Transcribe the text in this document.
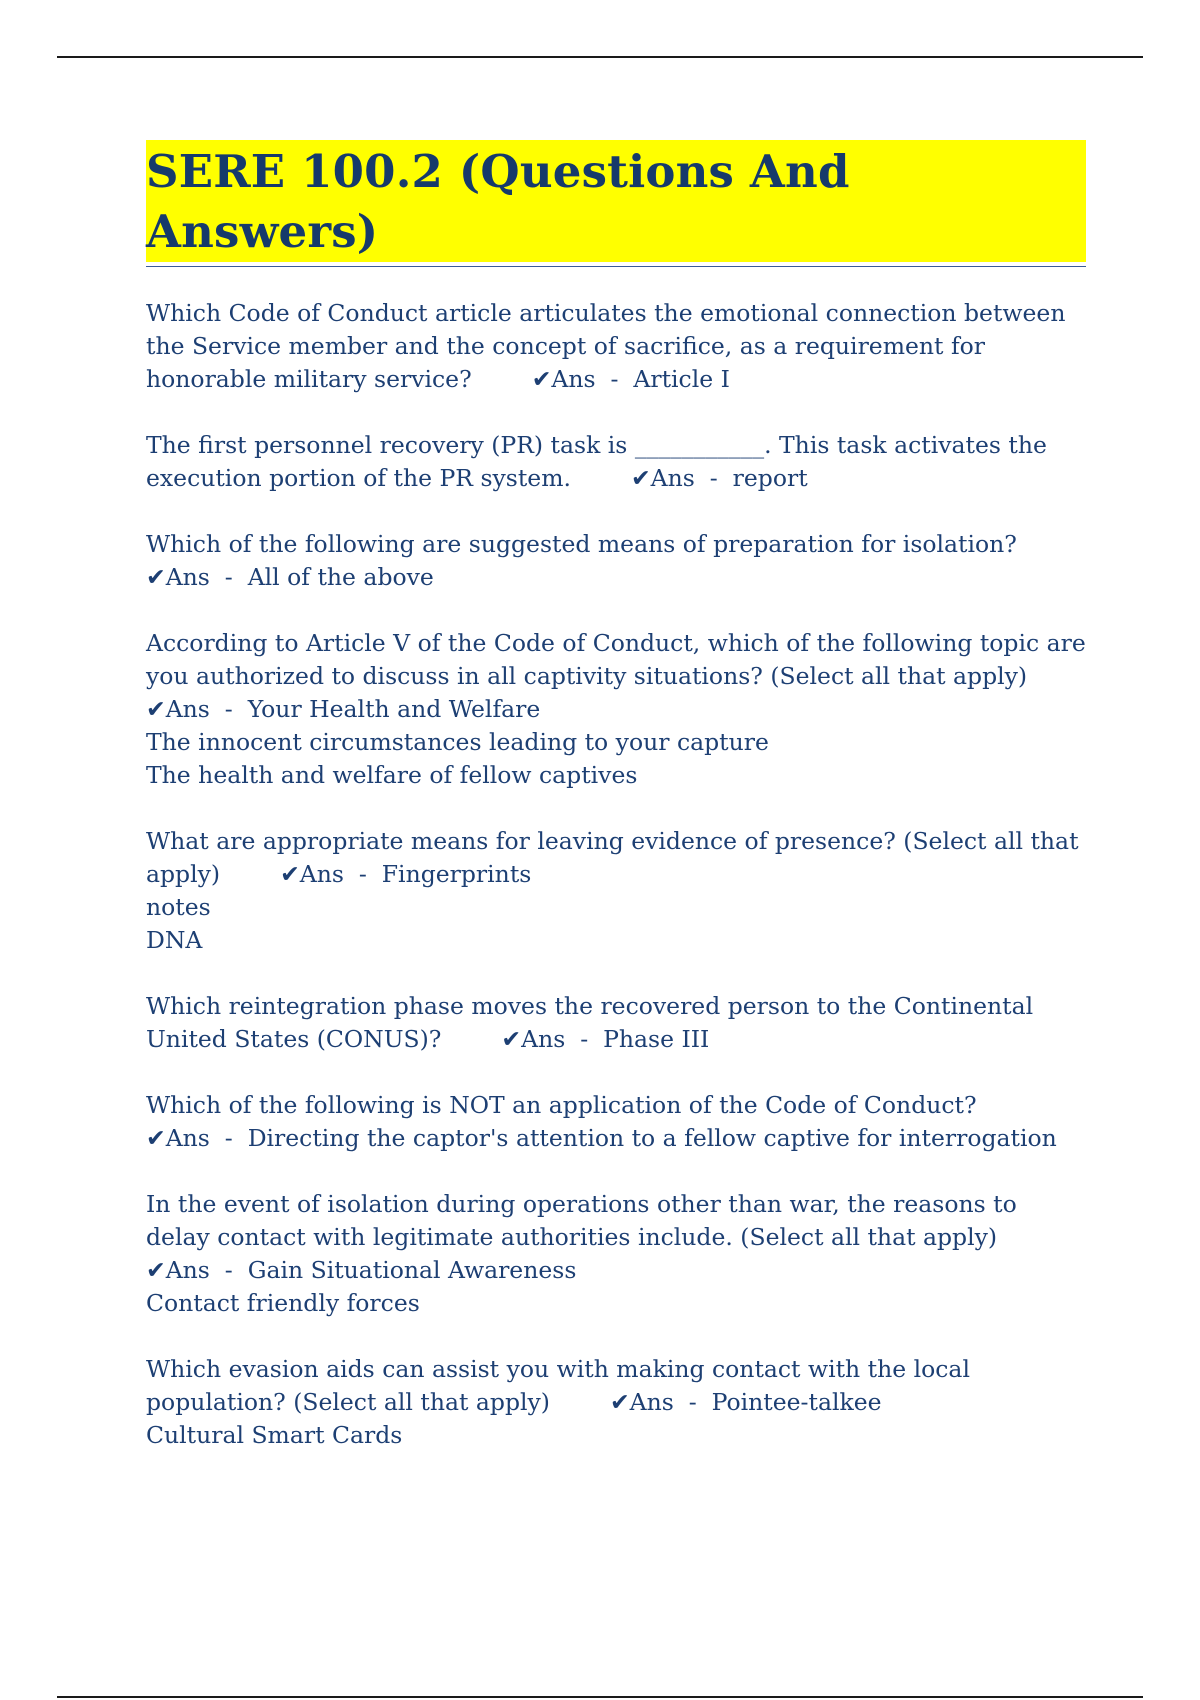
SERE 100.2 (Questions And Answers)
Which Code of Conduct article articulates the emotional connection between the Service member and the concept of sacrifice, as a requirement for honorable military service?	✔Ans  -  Article I
The first personnel recovery (PR) task is ___________. This task activates the execution portion of the PR system.	✔Ans  -  report
Which of the following are suggested means of preparation for isolation?
✔Ans  -  All of the above
According to Article V of the Code of Conduct, which of the following topic are you authorized to discuss in all captivity situations? (Select all that apply)
✔Ans  -  Your Health and Welfare
The innocent circumstances leading to your capture
The health and welfare of fellow captives
What are appropriate means for leaving evidence of presence? (Select all that apply)	✔Ans  -  Fingerprints
notes
DNA
Which reintegration phase moves the recovered person to the Continental United States (CONUS)?	✔Ans  -  Phase III
Which of the following is NOT an application of the Code of Conduct?
✔Ans  -  Directing the captor's attention to a fellow captive for interrogation
In the event of isolation during operations other than war, the reasons to delay contact with legitimate authorities include. (Select all that apply)
✔Ans  -  Gain Situational Awareness
Contact friendly forces
Which evasion aids can assist you with making contact with the local population? (Select all that apply)	✔Ans  -  Pointee-talkee
Cultural Smart Cards
